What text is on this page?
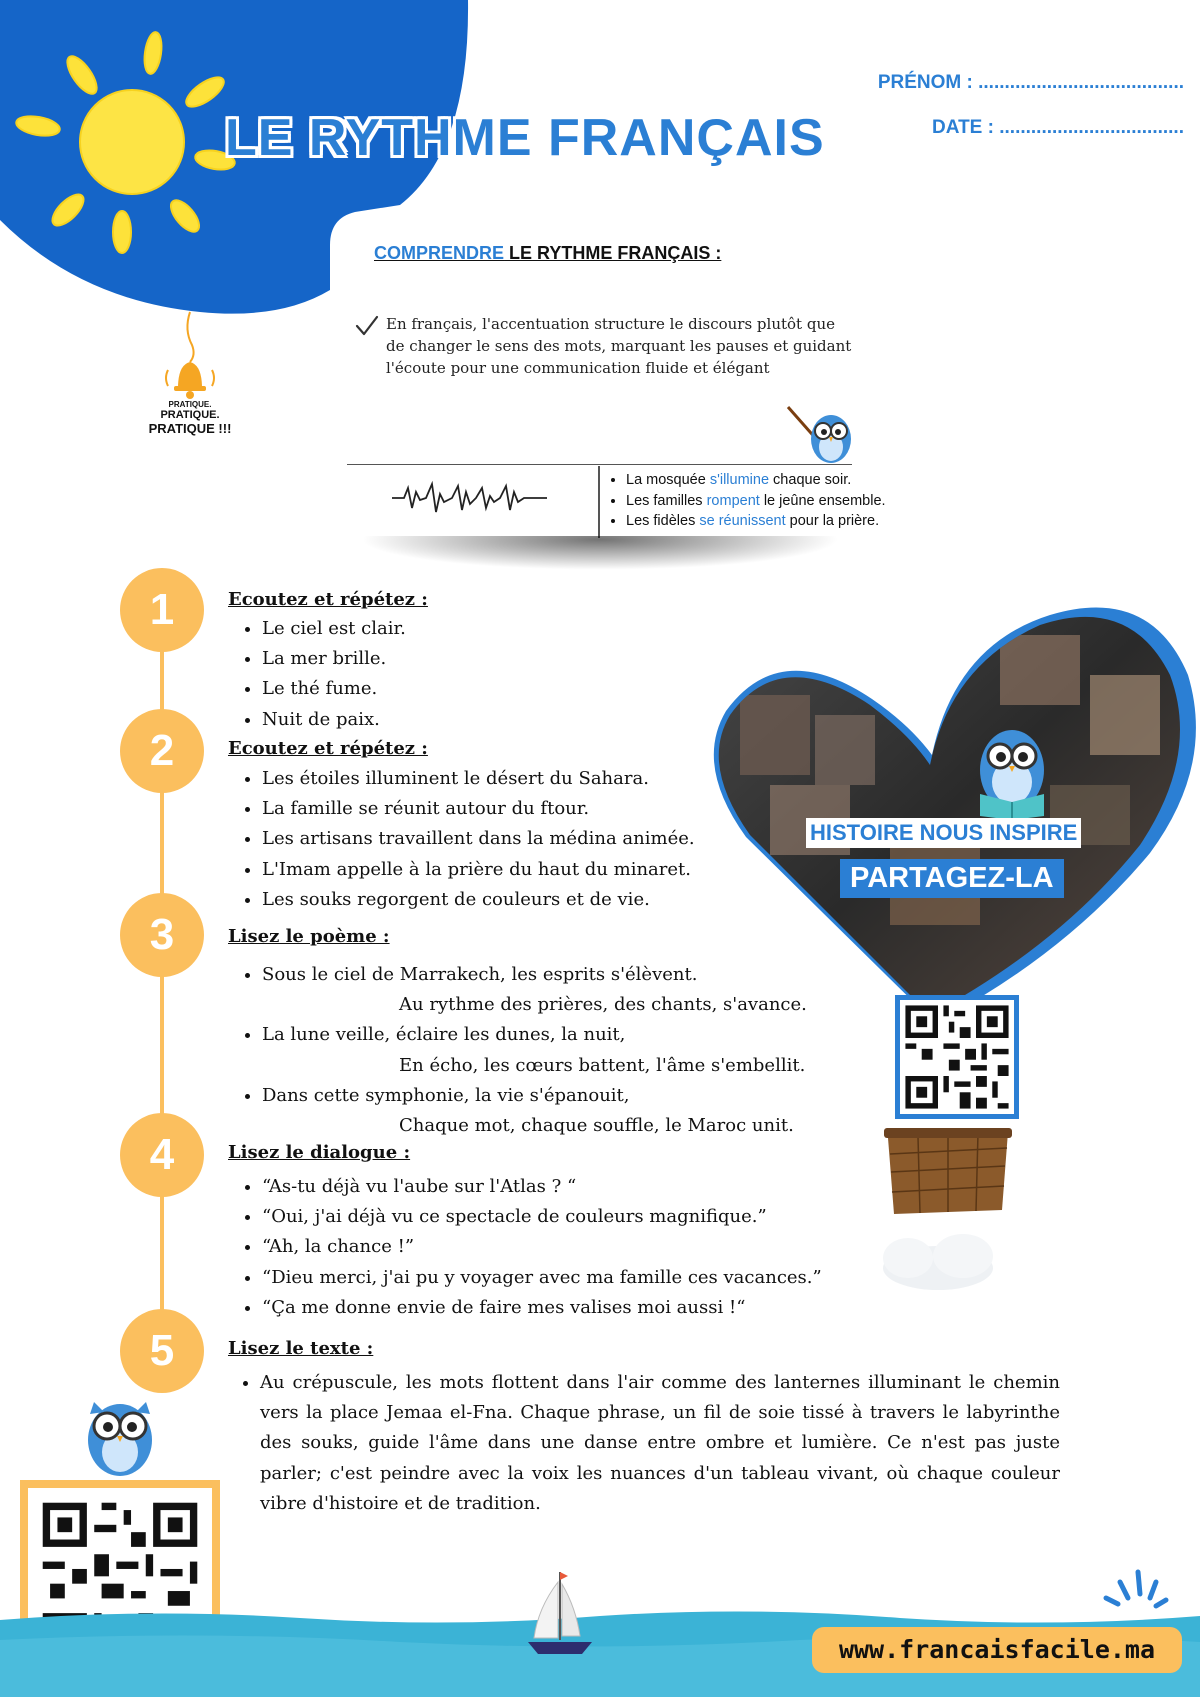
LE RYTHME FRANÇAIS
PRÉNOM : .......................................
DATE : ...................................
COMPRENDRE LE RYTHME FRANÇAIS :
En français, l'accentuation structure le discours plutôt que de changer le sens des mots, marquant les pauses et guidant l'écoute pour une communication fluide et élégant
PRATIQUE.
PRATIQUE.
PRATIQUE !!!
• La mosquée s'illumine chaque soir.
• Les familles rompent le jeûne ensemble.
• Les fidèles se réunissent pour la prière.
1
2
3
4
5
Ecoutez et répétez :
• Le ciel est clair.
• La mer brille.
• Le thé fume.
• Nuit de paix.
Ecoutez et répétez :
• Les étoiles illuminent le désert du Sahara.
• La famille se réunit autour du ftour.
• Les artisans travaillent dans la médina animée.
• L'Imam appelle à la prière du haut du minaret.
• Les souks regorgent de couleurs et de vie.
Lisez le poème :
• Sous le ciel de Marrakech, les esprits s'élèvent.
Au rythme des prières, des chants, s'avance.
• La lune veille, éclaire les dunes, la nuit,
En écho, les cœurs battent, l'âme s'embellit.
• Dans cette symphonie, la vie s'épanouit,
Chaque mot, chaque souffle, le Maroc unit.
Lisez le dialogue :
• “As-tu déjà vu l'aube sur l'Atlas ? “
• “Oui, j'ai déjà vu ce spectacle de couleurs magnifique.”
• “Ah, la chance !”
• “Dieu merci, j'ai pu y voyager avec ma famille ces vacances.”
• “Ça me donne envie de faire mes valises moi aussi !“
Lisez le texte :
• Au crépuscule, les mots flottent dans l'air comme des lanternes illuminant le chemin vers la place Jemaa el-Fna. Chaque phrase, un fil de soie tissé à travers le labyrinthe des souks, guide l'âme dans une danse entre ombre et lumière. Ce n'est pas juste parler; c'est peindre avec la voix les nuances d'un tableau vivant, où chaque couleur vibre d'histoire et de tradition.
HISTOIRE NOUS INSPIRE
PARTAGEZ-LA
www.francaisfacile.ma
